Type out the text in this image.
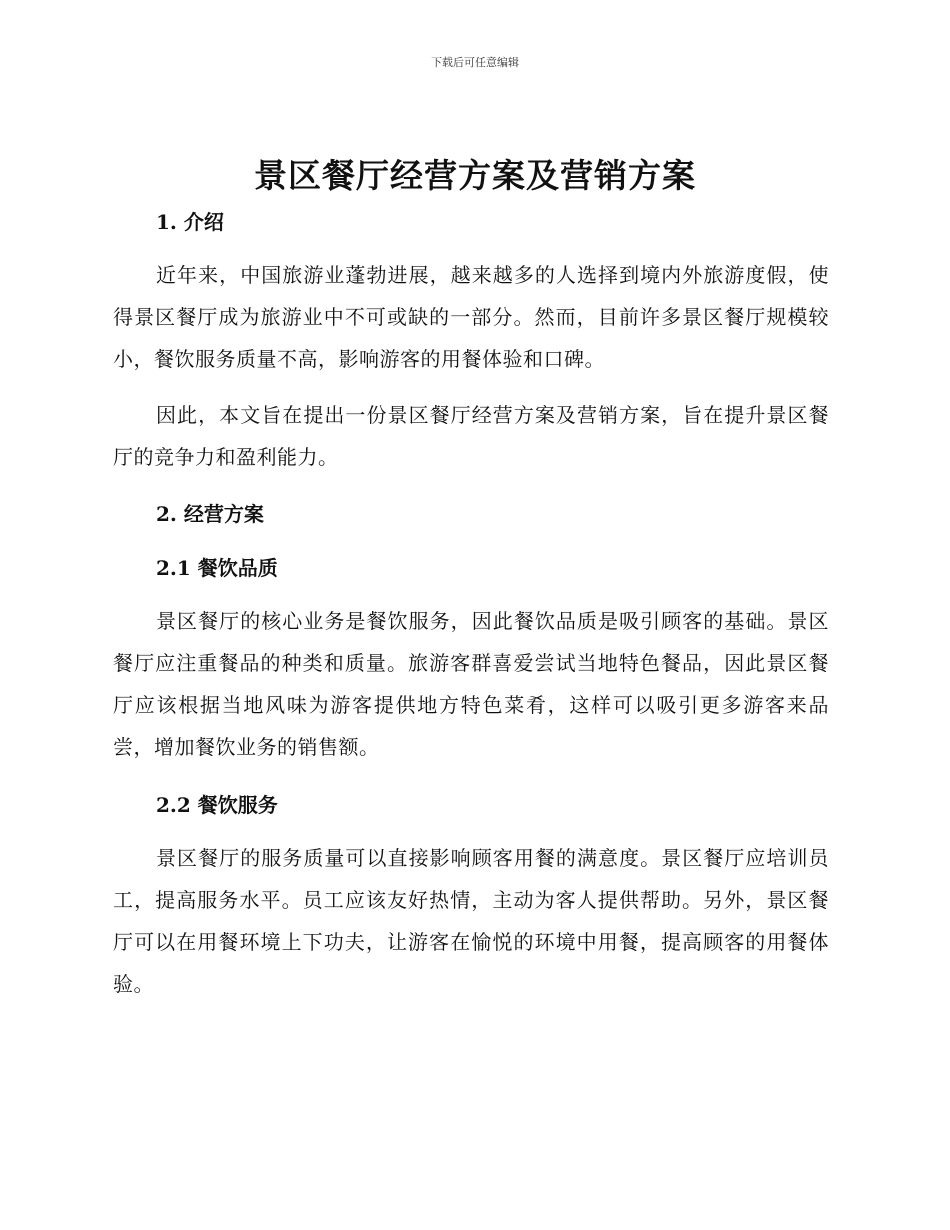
下载后可任意编辑
景区餐厅经营方案及营销方案
1. 介绍

近年来，中国旅游业蓬勃进展，越来越多的人选择到境内外旅游度假，使得景区餐厅成为旅游业中不可或缺的一部分。然而，目前许多景区餐厅规模较小，餐饮服务质量不高，影响游客的用餐体验和口碑。

因此，本文旨在提出一份景区餐厅经营方案及营销方案，旨在提升景区餐厅的竞争力和盈利能力。

2. 经营方案
2.1 餐饮品质

景区餐厅的核心业务是餐饮服务，因此餐饮品质是吸引顾客的基础。景区餐厅应注重餐品的种类和质量。旅游客群喜爱尝试当地特色餐品，因此景区餐厅应该根据当地风味为游客提供地方特色菜肴，这样可以吸引更多游客来品尝，增加餐饮业务的销售额。

2.2 餐饮服务

景区餐厅的服务质量可以直接影响顾客用餐的满意度。景区餐厅应培训员工，提高服务水平。员工应该友好热情，主动为客人提供帮助。另外，景区餐厅可以在用餐环境上下功夫，让游客在愉悦的环境中用餐，提高顾客的用餐体验。
